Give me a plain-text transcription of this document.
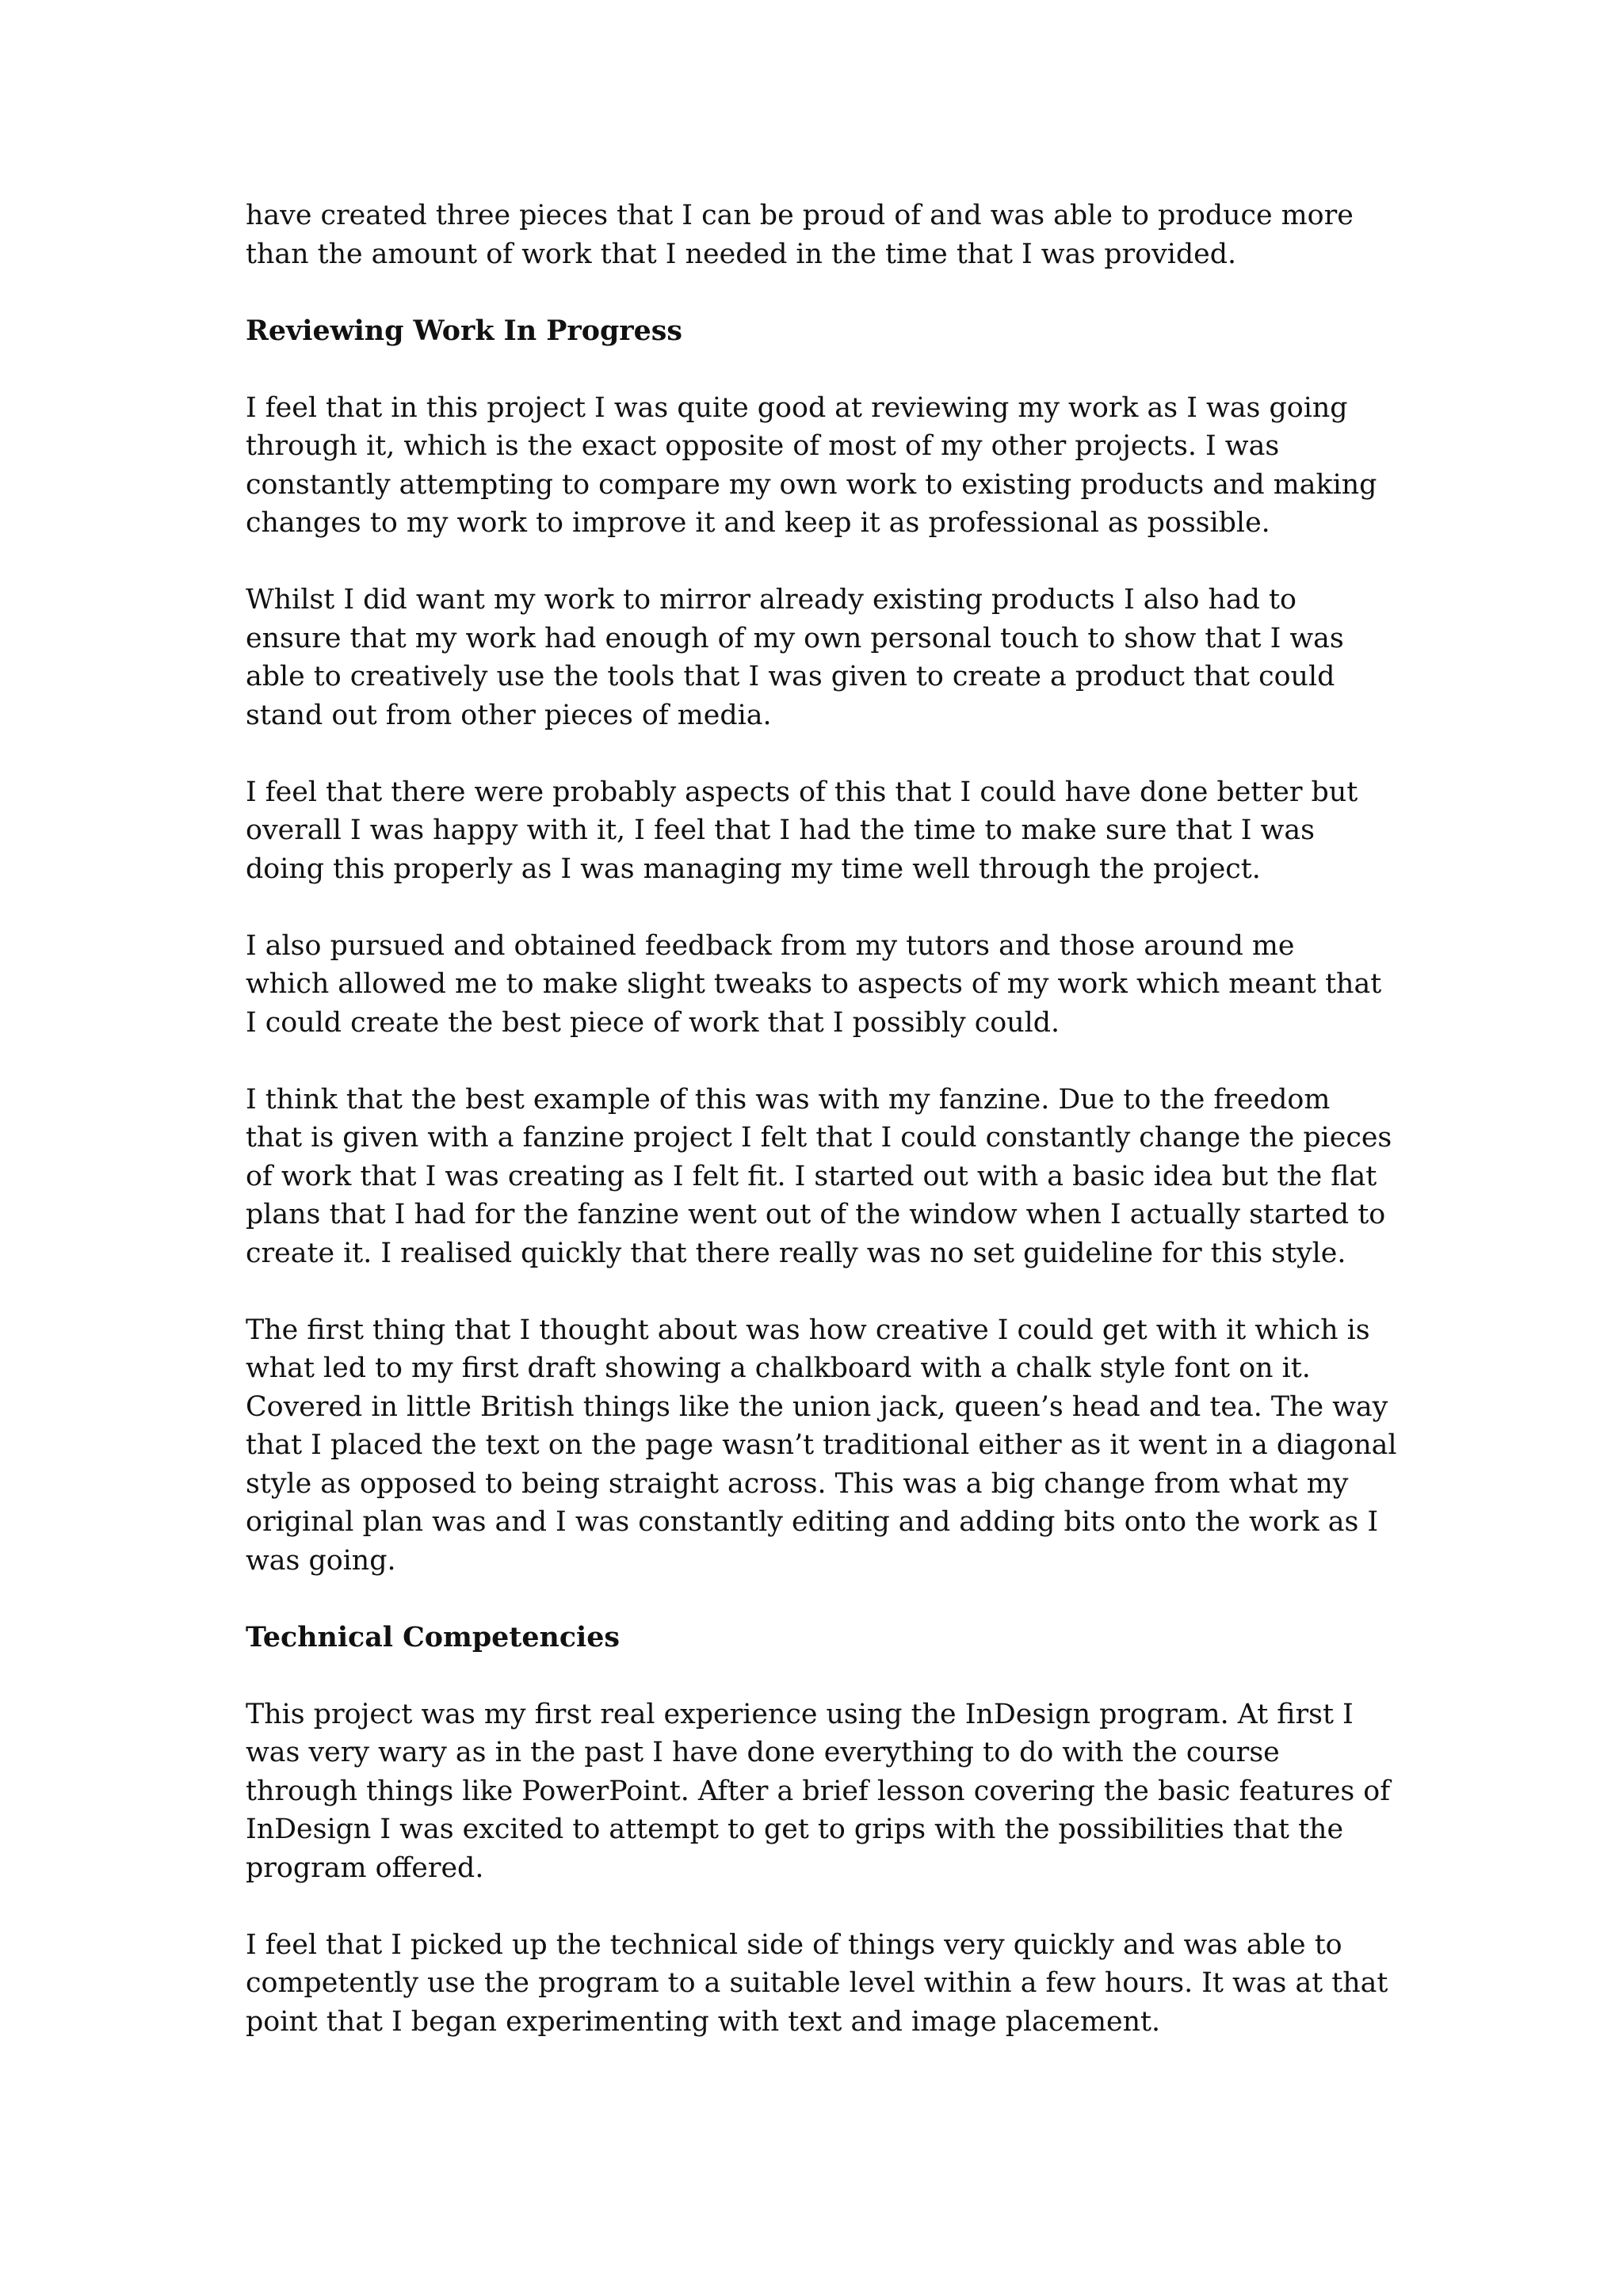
have created three pieces that I can be proud of and was able to produce more
than the amount of work that I needed in the time that I was provided.
Reviewing Work In Progress
I feel that in this project I was quite good at reviewing my work as I was going
through it, which is the exact opposite of most of my other projects. I was
constantly attempting to compare my own work to existing products and making
changes to my work to improve it and keep it as professional as possible.
Whilst I did want my work to mirror already existing products I also had to
ensure that my work had enough of my own personal touch to show that I was
able to creatively use the tools that I was given to create a product that could
stand out from other pieces of media.
I feel that there were probably aspects of this that I could have done better but
overall I was happy with it, I feel that I had the time to make sure that I was
doing this properly as I was managing my time well through the project.
I also pursued and obtained feedback from my tutors and those around me
which allowed me to make slight tweaks to aspects of my work which meant that
I could create the best piece of work that I possibly could.
I think that the best example of this was with my fanzine. Due to the freedom
that is given with a fanzine project I felt that I could constantly change the pieces
of work that I was creating as I felt fit. I started out with a basic idea but the flat
plans that I had for the fanzine went out of the window when I actually started to
create it. I realised quickly that there really was no set guideline for this style.
The first thing that I thought about was how creative I could get with it which is
what led to my first draft showing a chalkboard with a chalk style font on it.
Covered in little British things like the union jack, queen’s head and tea. The way
that I placed the text on the page wasn’t traditional either as it went in a diagonal
style as opposed to being straight across. This was a big change from what my
original plan was and I was constantly editing and adding bits onto the work as I
was going.
Technical Competencies
This project was my first real experience using the InDesign program. At first I
was very wary as in the past I have done everything to do with the course
through things like PowerPoint. After a brief lesson covering the basic features of
InDesign I was excited to attempt to get to grips with the possibilities that the
program offered.
I feel that I picked up the technical side of things very quickly and was able to
competently use the program to a suitable level within a few hours. It was at that
point that I began experimenting with text and image placement.
